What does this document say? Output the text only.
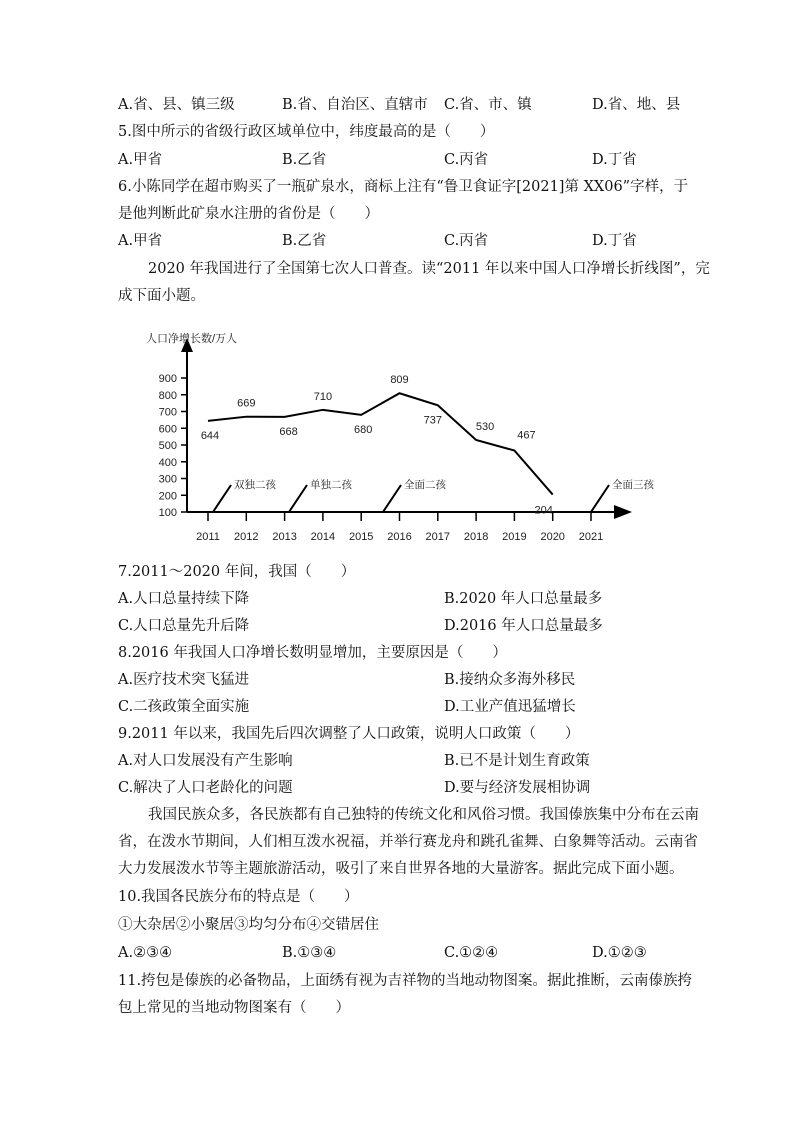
A.省、县、镇三级	B.省、自治区、直辖市 C.省、市、镇	D.省、地、县
5.图中所示的省级行政区域单位中，纬度最高的是（　　）
A.甲省	B.乙省	C.丙省	D.丁省
6.小陈同学在超市购买了一瓶矿泉水，商标上注有“鲁卫食证字[2021]第 XX06”字样，于
是他判断此矿泉水注册的省份是（　　）
A.甲省	B.乙省	C.丙省	D.丁省
2020 年我国进行了全国第七次人口普查。读“2011 年以来中国人口净增长折线图”，完
成下面小题。
人口净增长数/万人
100
200
300
400
500
600
700
800
900
2011 2012 2013 2014 2015 2016 2017 2018 2019 2020 2021
644
669
668
710
680
809
737
530
467
204
双独二孩	单独二孩	全面二孩	全面三孩
7.2011～2020 年间，我国（　　）
A.人口总量持续下降	B.2020 年人口总量最多
C.人口总量先升后降	D.2016 年人口总量最多
8.2016 年我国人口净增长数明显增加，主要原因是（　　）
A.医疗技术突飞猛进	B.接纳众多海外移民
C.二孩政策全面实施	D.工业产值迅猛增长
9.2011 年以来，我国先后四次调整了人口政策，说明人口政策（　　）
A.对人口发展没有产生影响	B.已不是计划生育政策
C.解决了人口老龄化的问题	D.要与经济发展相协调
我国民族众多，各民族都有自己独特的传统文化和风俗习惯。我国傣族集中分布在云南
省，在泼水节期间，人们相互泼水祝福，并举行赛龙舟和跳孔雀舞、白象舞等活动。云南省
大力发展泼水节等主题旅游活动，吸引了来自世界各地的大量游客。据此完成下面小题。
10.我国各民族分布的特点是（　　）
①大杂居②小聚居③均匀分布④交错居住
A.②③④	B.①③④	C.①②④	D.①②③
11.挎包是傣族的必备物品，上面绣有视为吉祥物的当地动物图案。据此推断，云南傣族挎
包上常见的当地动物图案有（　　）
